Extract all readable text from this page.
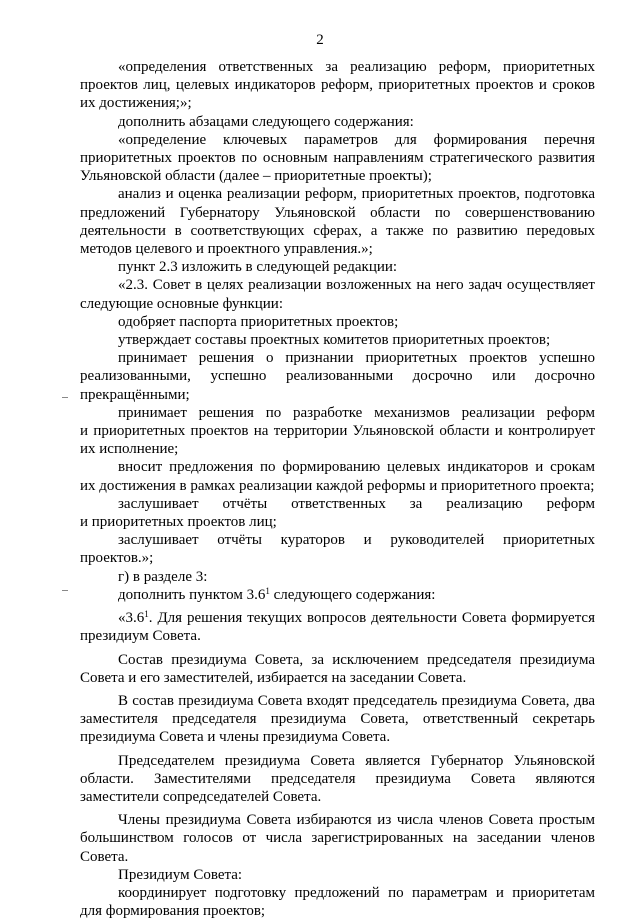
2
«определения ответственных за реализацию реформ, приоритетных
проектов лиц, целевых индикаторов реформ, приоритетных проектов и сроков
их достижения;»;
дополнить абзацами следующего содержания:
«определение ключевых параметров для формирования перечня
приоритетных проектов по основным направлениям стратегического развития
Ульяновской области (далее – приоритетные проекты);
анализ и оценка реализации реформ, приоритетных проектов, подготовка
предложений Губернатору Ульяновской области по совершенствованию
деятельности в соответствующих сферах, а также по развитию передовых
методов целевого и проектного управления.»;
пункт 2.3 изложить в следующей редакции:
«2.3. Совет в целях реализации возложенных на него задач осуществляет
следующие основные функции:
одобряет паспорта приоритетных проектов;
утверждает составы проектных комитетов приоритетных проектов;
принимает решения о признании приоритетных проектов успешно
реализованными, успешно реализованными досрочно или досрочно
прекращёнными;
принимает решения по разработке механизмов реализации реформ
и приоритетных проектов на территории Ульяновской области и контролирует
их исполнение;
вносит предложения по формированию целевых индикаторов и срокам
их достижения в рамках реализации каждой реформы и приоритетного проекта;
заслушивает отчёты ответственных за реализацию реформ
и приоритетных проектов лиц;
заслушивает отчёты кураторов и руководителей приоритетных
проектов.»;
г) в разделе 3:
дополнить пунктом $3.6^1$ следующего содержания:
«$3.6^1$. Для решения текущих вопросов деятельности Совета формируется
президиум Совета.
Состав президиума Совета, за исключением председателя президиума
Совета и его заместителей, избирается на заседании Совета.
В состав президиума Совета входят председатель президиума Совета, два
заместителя председателя президиума Совета, ответственный секретарь
президиума Совета и члены президиума Совета.
Председателем президиума Совета является Губернатор Ульяновской
области. Заместителями председателя президиума Совета являются
заместители сопредседателей Совета.
Члены президиума Совета избираются из числа членов Совета простым
большинством голосов от числа зарегистрированных на заседании членов
Совета.
Президиум Совета:
координирует подготовку предложений по параметрам и приоритетам
для формирования проектов;
